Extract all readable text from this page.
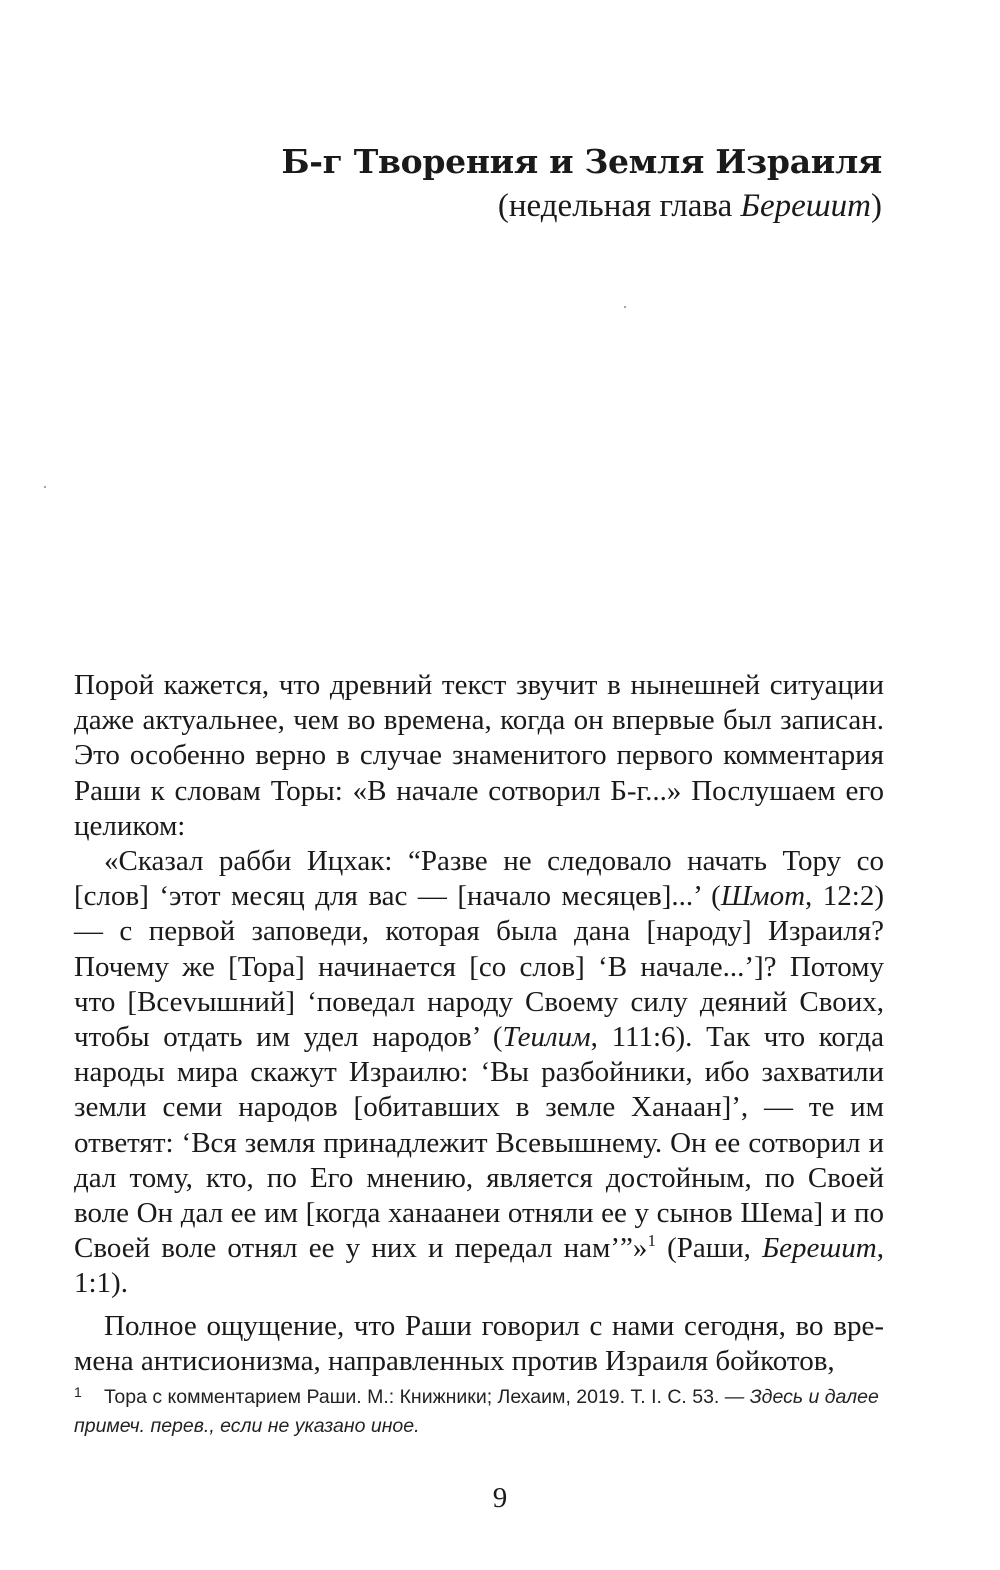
Б-г Творения и Земля Израиля

(недельная глава Берешит)

Порой кажется, что древний текст звучит в нынешней ситуации даже актуальнее, чем во времена, когда он впервые был записан. Это особенно верно в случае знаменитого первого комментария Раши к словам Торы: «В начале сотворил Б-г...» Послушаем его целиком:

«Сказал рабби Ицхак: “Разве не следовало начать Тору со [слов] ‘этот месяц для вас — [начало месяцев]...’ (Шмот, 12:2) — с первой заповеди, которая была дана [народу] Израиля? Почему же [Тора] начинается [со слов] ‘В начале...’]? Потому что [Всеvышний] ‘поведал народу Своему силу деяний Своих, чтобы отдать им удел народов’ (Теилим, 111:6). Так что когда народы мира скажут Израилю: ‘Вы разбойники, ибо захватили земли семи народов [обитавших в земле Ханаан]’, — те им ответят: ‘Вся земля принадлежит Всевышнему. Он ее сотворил и дал тому, кто, по Его мнению, является достойным, по Своей воле Он дал ее им [когда ханаанеи отняли ее у сынов Шема] и по Своей воле отнял ее у них и передал нам’”»$^1$ (Раши, Берешит, 1:1).

Полное ощущение, что Раши говорил с нами сегодня, во времена антисионизма, направленных против Израиля бойкотов,

1 Тора с комментарием Раши. М.: Книжники; Лехаим, 2019. Т. I. С. 53. — Здесь и далее примеч. перев., если не указано иное.
9
